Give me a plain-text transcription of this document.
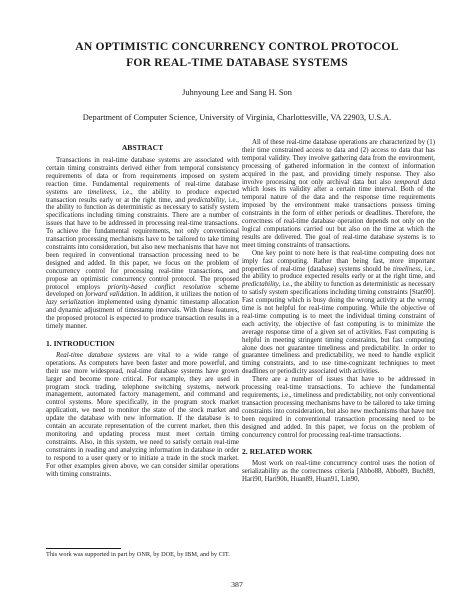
AN OPTIMISTIC CONCURRENCY CONTROL PROTOCOL
FOR REAL-TIME DATABASE SYSTEMS
Juhnyoung Lee and Sang H. Son
Department of Computer Science, University of Virginia, Charlottesville, VA 22903, U.S.A.
ABSTRACT

Transactions in real-time database systems are associated with certain timing constraints derived either from temporal consistency requirements of data or from requirements imposed on system reaction time. Fundamental requirements of real-time database systems are timeliness, i.e., the ability to produce expected transaction results early or at the right time, and predictability, i.e., the ability to function as deterministic as necessary to satisfy system specifications including timing constraints. There are a number of issues that have to be addressed in processing real-time transactions. To achieve the fundamental requirements, not only conventional transaction processing mechanisms have to be tailored to take timing constraints into consideration, but also new mechanisms that have not been required in conventional transaction processing need to be designed and added. In this paper, we focus on the problem of concurrency control for processing real-time transactions, and propose an optimistic concurrency control protocol. The proposed protocol employs priority-based conflict resolution scheme developed on forward validation. In addition, it utilizes the notion of lazy serialization implemented using dynamic timestamp allocation and dynamic adjustment of timestamp intervals. With these features, the proposed protocol is expected to produce transaction results in a timely manner.

1. INTRODUCTION

Real-time database systems are vital to a wide range of operations. As computers have been faster and more powerful, and their use more widespread, real-time database systems have grown larger and become more critical. For example, they are used in program stock trading, telephone switching systems, network management, automated factory management, and command and control systems. More specifically, in the program stock market application, we need to monitor the state of the stock market and update the database with new information. If the database is to contain an accurate representation of the current market, then this monitoring and updating process must meet certain timing constraints. Also, in this system, we need to satisfy certain real-time constraints in reading and analyzing information in database in order to respond to a user query or to initiate a trade in the stock market. For other examples given above, we can consider similar operations with timing constraints.

This work was supported in part by ONR, by DOE, by IBM, and by CIT.

All of these real-time database operations are characterized by (1) their time constrained access to data and (2) access to data that has temporal validity. They involve gathering data from the environment, processing of gathered information in the context of information acquired in the past, and providing timely response. They also involve processing not only archival data but also temporal data which loses its validity after a certain time interval. Both of the temporal nature of the data and the response time requirements imposed by the environment make transactions possess timing constraints in the form of either periods or deadlines. Therefore, the correctness of real-time database operation depends not only on the logical computations carried out but also on the time at which the results are delivered. The goal of real-time database systems is to meet timing constraints of transactions.

One key point to note here is that real-time computing does not imply fast computing. Rather than being fast, more important properties of real-time (database) systems should be timeliness, i.e., the ability to produce expected results early or at the right time, and predictability, i.e., the ability to function as deterministic as necessary to satisfy system specifications including timing constraints [Stan90]. Fast computing which is busy doing the wrong activity at the wrong time is not helpful for real-time computing. While the objective of real-time computing is to meet the individual timing constraint of each activity, the objective of fast computing is to minimize the average response time of a given set of activities. Fast computing is helpful in meeting stringent timing constraints, but fast computing alone does not guarantee timeliness and predictability. In order to guarantee timeliness and predictability, we need to handle explicit timing constraints, and to use time-cognizant techniques to meet deadlines or periodicity associated with activities.

There are a number of issues that have to be addressed in processing real-time transactions. To achieve the fundamental requirements, i.e., timeliness and predictability, not only conventional transaction processing mechanisms have to be tailored to take timing constraints into consideration, but also new mechanisms that have not been required in conventional transaction processing need to be designed and added. In this paper, we focus on the problem of concurrency control for processing real-time transactions.

2. RELATED WORK

Most work on real-time concurrency control uses the notion of serializability as the correctness criteria [Abbo88, Abbo89, Buch89, Hari90, Hari90b, Huan89, Huan91, Lin90,

387
